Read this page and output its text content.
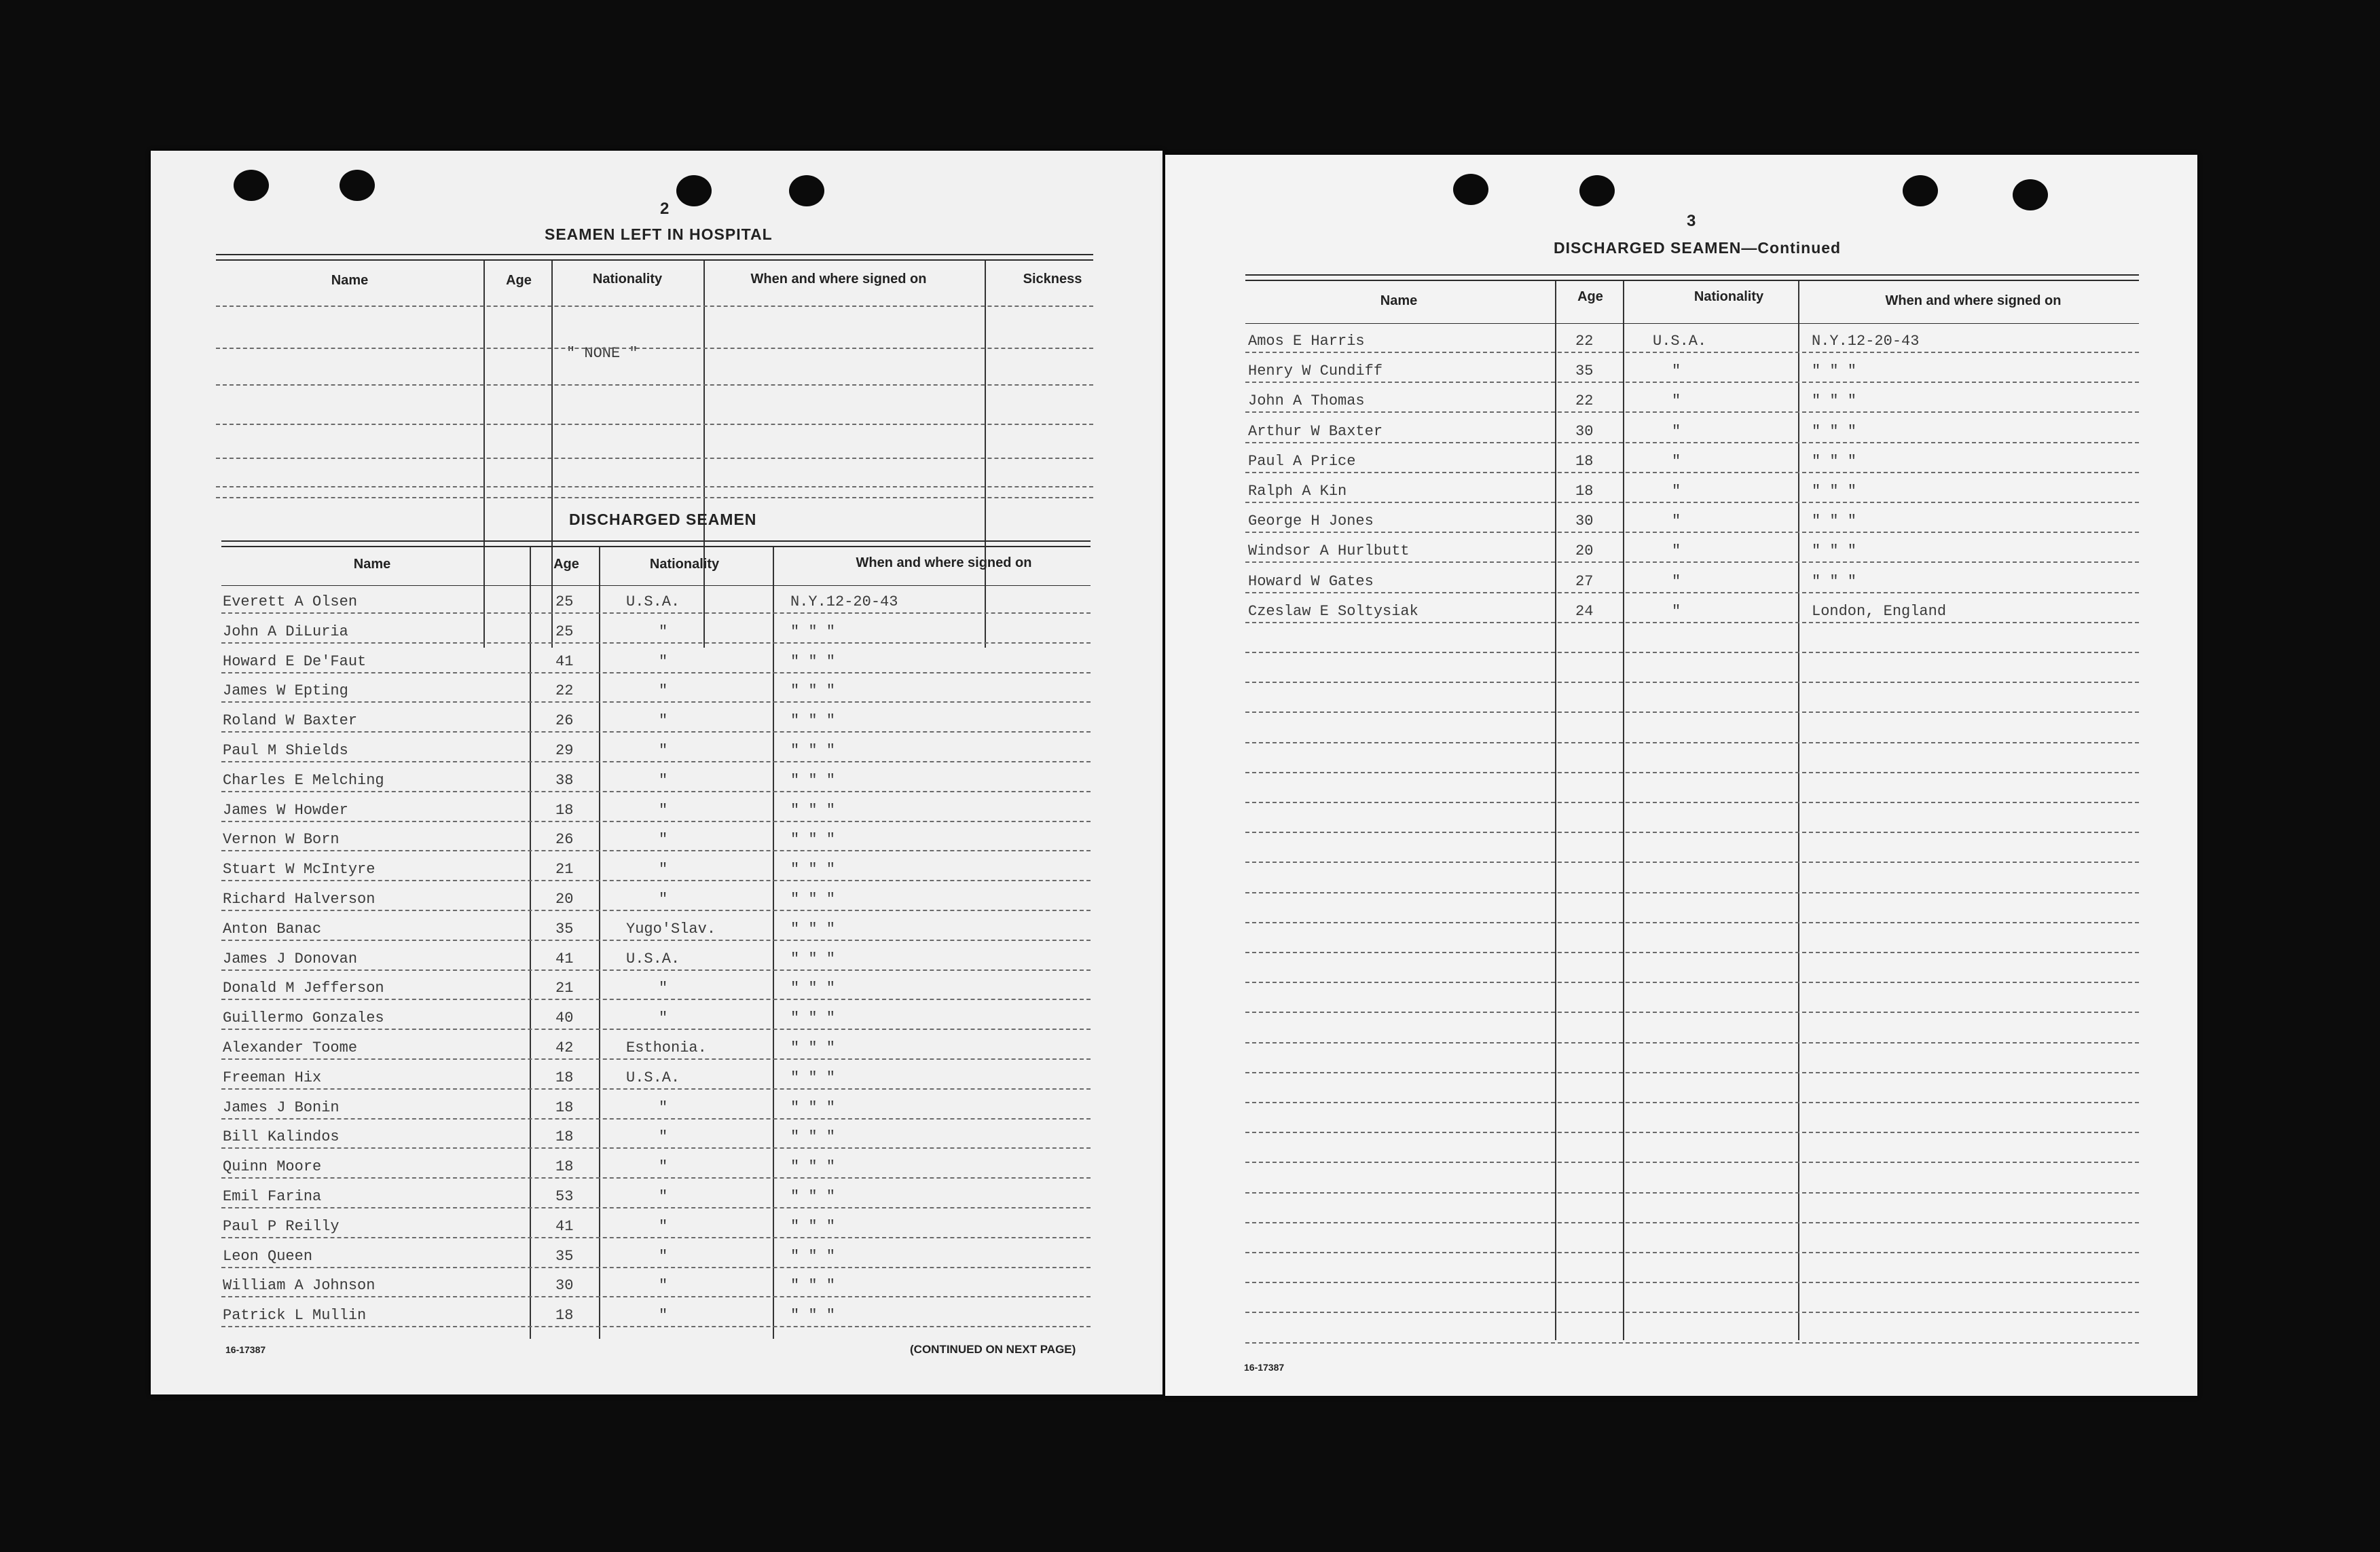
2
SEAMEN LEFT IN HOSPITAL
Name	Age	Nationality	When and where signed on	Sickness
" NONE "
DISCHARGED SEAMEN
Name	Age	Nationality	When and where signed on
16-17387	(CONTINUED ON NEXT PAGE)
Everett A Olsen	25	U.S.A.	N.Y.12-20-43
John A DiLuria	25	"	" " "
Howard E De'Faut	41	"	" " "
James W Epting	22	"	" " "
Roland W Baxter	26	"	" " "
Paul M Shields	29	"	" " "
Charles E Melching	38	"	" " "
James W Howder	18	"	" " "
Vernon W Born	26	"	" " "
Stuart W McIntyre	21	"	" " "
Richard Halverson	20	"	" " "
Anton Banac	35	Yugo'Slav.	" " "
James J Donovan	41	U.S.A.	" " "
Donald M Jefferson	21	"	" " "
Guillermo Gonzales	40	"	" " "
Alexander Toome	42	Esthonia.	" " "
Freeman Hix	18	U.S.A.	" " "
James J Bonin	18	"	" " "
Bill Kalindos	18	"	" " "
Quinn Moore	18	"	" " "
Emil Farina	53	"	" " "
Paul P Reilly	41	"	" " "
Leon Queen	35	"	" " "
William A Johnson	30	"	" " "
Patrick L Mullin	18	"	" " "
3
DISCHARGED SEAMEN—Continued
Name	Age	Nationality	When and where signed on
16-17387
Amos E Harris	22	U.S.A.	N.Y.12-20-43
Henry W Cundiff	35	"	" " "
John A Thomas	22	"	" " "
Arthur W Baxter	30	"	" " "
Paul A Price	18	"	" " "
Ralph A Kin	18	"	" " "
George H Jones	30	"	" " "
Windsor A Hurlbutt	20	"	" " "
Howard W Gates	27	"	" " "
Czeslaw E Soltysiak	24	"	London, England
